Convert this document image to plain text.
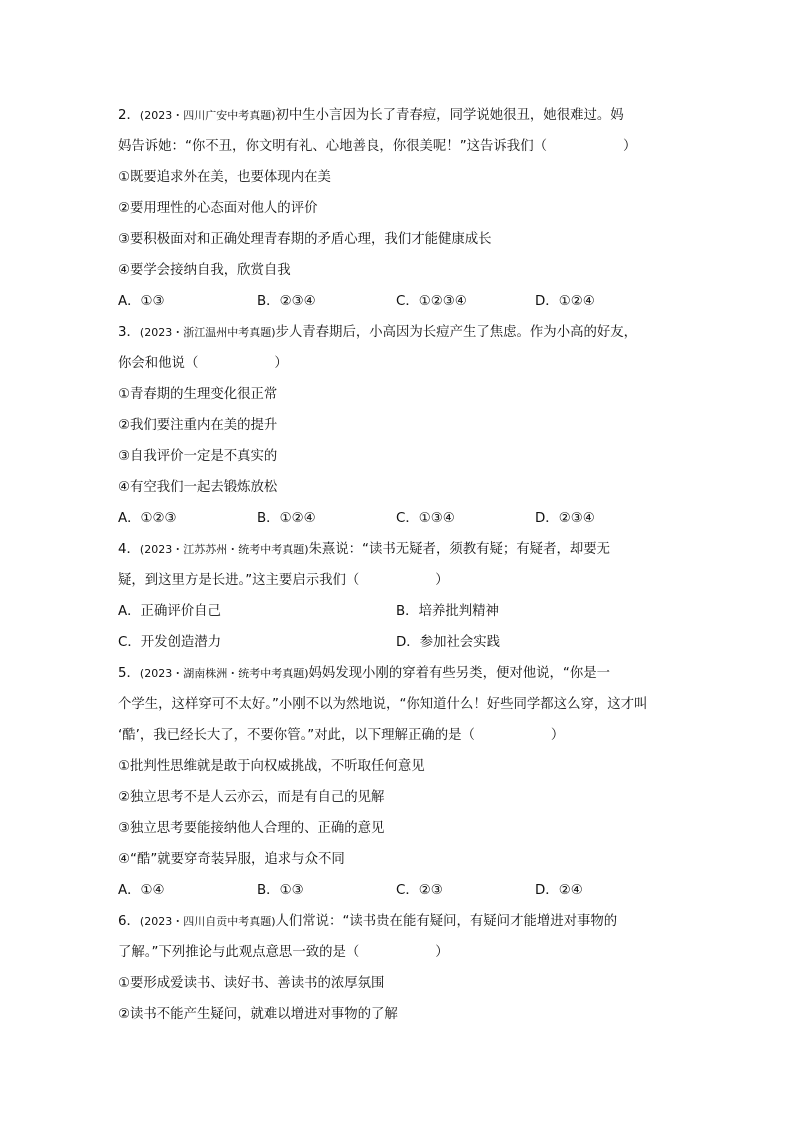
2．(2023・四川广安中考真题)初中生小言因为长了青春痘，同学说她很丑，她很难过。妈
妈告诉她：“你不丑，你文明有礼、心地善良，你很美呢！”这告诉我们（	）
①既要追求外在美，也要体现内在美
②要用理性的心态面对他人的评价
③要积极面对和正确处理青春期的矛盾心理，我们才能健康成长
④要学会接纳自我，欣赏自我
A．①③	B．②③④	C．①②③④	D．①②④
3．(2023・浙江温州中考真题)步人青春期后，小高因为长痘产生了焦虑。作为小高的好友，
你会和他说（	）
①青春期的生理变化很正常
②我们要注重内在美的提升
③自我评价一定是不真实的
④有空我们一起去锻炼放松
A．①②③	B．①②④	C．①③④	D．②③④
4．(2023・江苏苏州・统考中考真题)朱熹说：“读书无疑者，须教有疑；有疑者，却要无
疑，到这里方是长进。”这主要启示我们（	）
A．正确评价自己	B．培养批判精神
C．开发创造潜力	D．参加社会实践
5．(2023・湖南株洲・统考中考真题)妈妈发现小刚的穿着有些另类，便对他说，“你是一
个学生，这样穿可不太好。”小刚不以为然地说，“你知道什么！好些同学都这么穿，这才叫
‘酷’，我已经长大了，不要你管。”对此，以下理解正确的是（	）
①批判性思维就是敢于向权威挑战，不听取任何意见
②独立思考不是人云亦云，而是有自己的见解
③独立思考要能接纳他人合理的、正确的意见
④“酷”就要穿奇装异服，追求与众不同
A．①④	B．①③	C．②③	D．②④
6．(2023・四川自贡中考真题)人们常说：“读书贵在能有疑问，有疑问才能增进对事物的
了解。”下列推论与此观点意思一致的是（	）
①要形成爱读书、读好书、善读书的浓厚氛围
②读书不能产生疑问，就难以增进对事物的了解
